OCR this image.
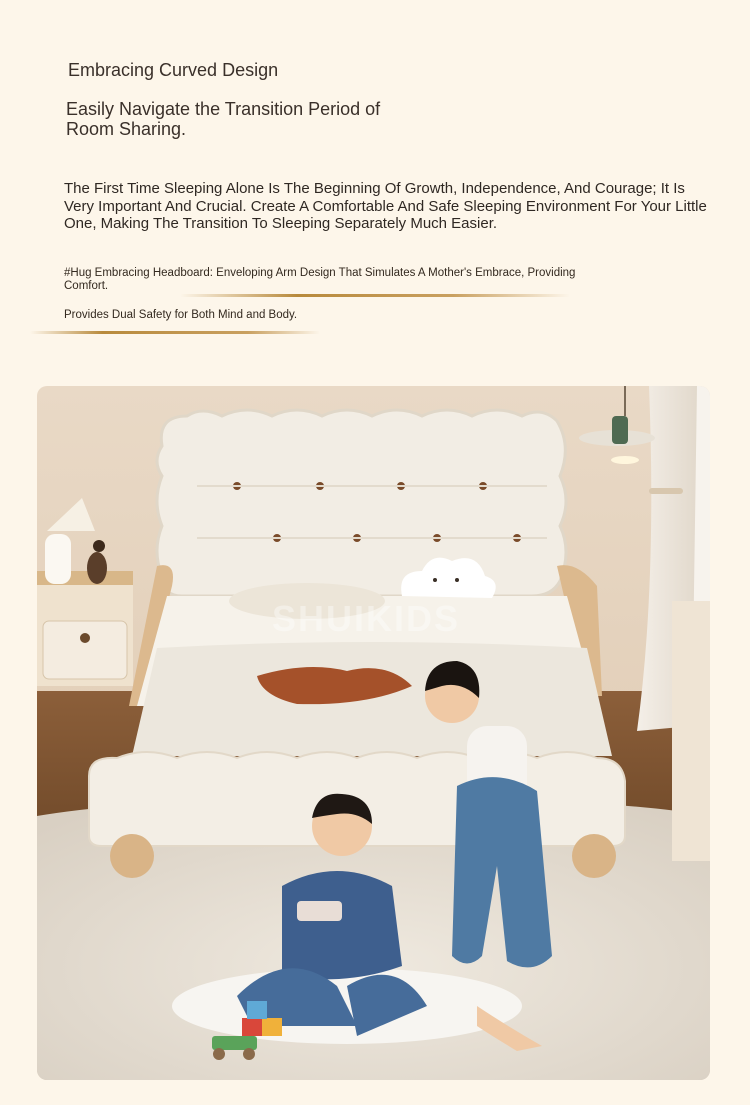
Embracing Curved Design
Easily Navigate the Transition Period of Room Sharing.

The First Time Sleeping Alone Is The Beginning Of Growth, Independence, And Courage; It Is Very Important And Crucial. Create A Comfortable And Safe Sleeping Environment For Your Little One, Making The Transition To Sleeping Separately Much Easier.

#Hug Embracing Headboard: Enveloping Arm Design That Simulates A Mother's Embrace, Providing Comfort.

Provides Dual Safety for Both Mind and Body.

SHUIKIDS
